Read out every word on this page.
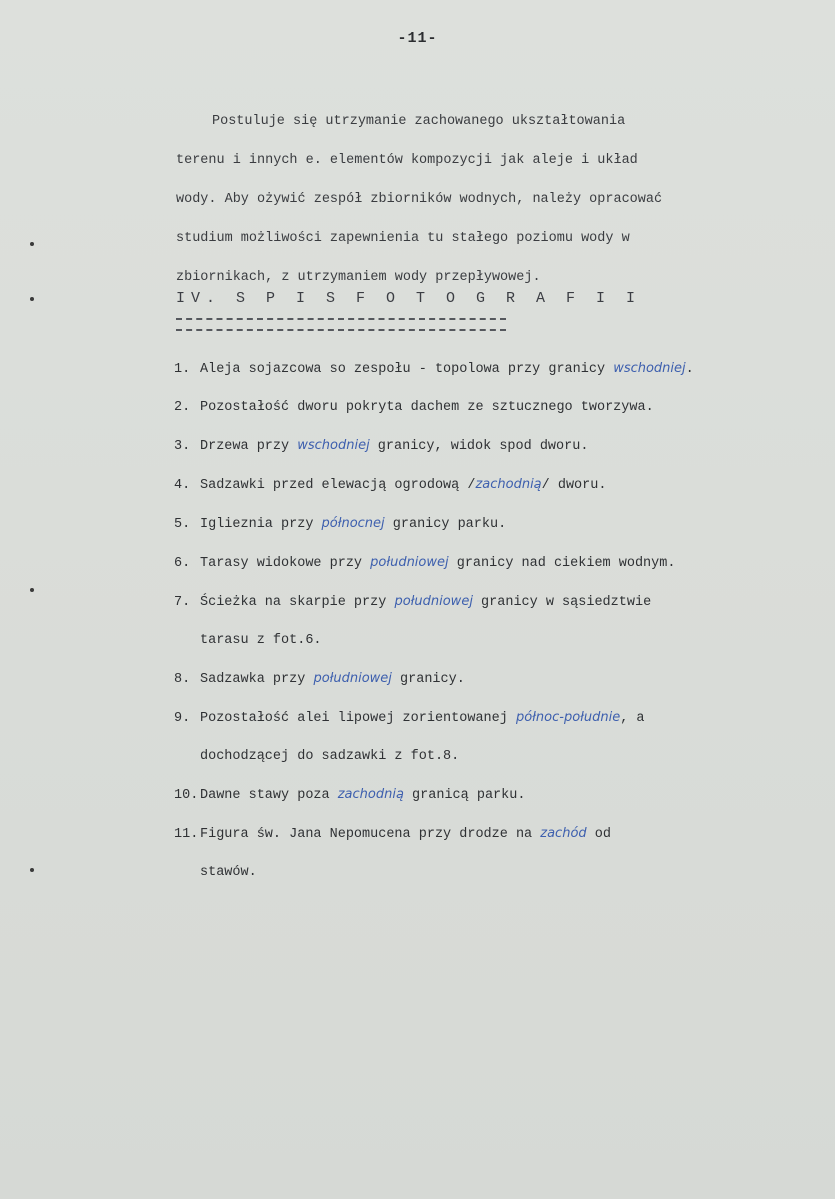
-11-
Postuluje się utrzymanie zachowanego ukształtowania
terenu i innych e. elementów kompozycji jak aleje i układ
wody. Aby ożywić zespół zbiorników wodnych, należy opracować
studium możliwości zapewnienia tu stałego poziomu wody w
zbiornikach, z utrzymaniem wody przepływowej.
IV. S P I S F O T O G R A F I I
1. Aleja sojazcowa so zespołu - topolowa przy granicy wschodniej.
2. Pozostałość dworu pokryta dachem ze sztucznego tworzywa.
3. Drzewa przy wschodniej granicy, widok spod dworu.
4. Sadzawki przed elewacją ogrodową /zachodnią/ dworu.
5. Iglieznia przy północnej granicy parku.
6. Tarasy widokowe przy południowej granicy nad ciekiem wodnym.
7. Ścieżka na skarpie przy południowej granicy w sąsiedztwie
tarasu z fot.6.
8. Sadzawka przy południowej granicy.
9. Pozostałość alei lipowej zorientowanej północ-południe, a
dochodzącej do sadzawki z fot.8.
10. Dawne stawy poza zachodnią granicą parku.
11. Figura św. Jana Nepomucena przy drodze na zachód od
stawów.
